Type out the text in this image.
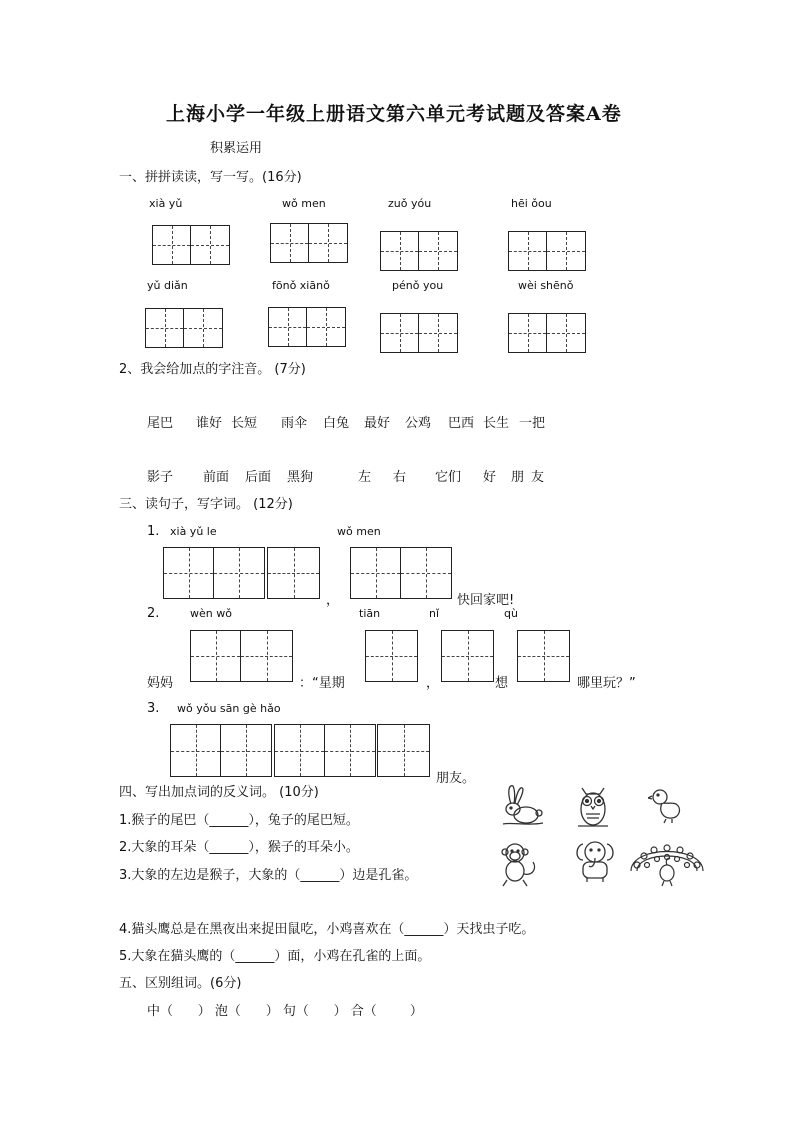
上海小学一年级上册语文第六单元考试题及答案A卷
积累运用
一、拼拼读读，写一写。(16分)
xià yǔ	wǒ men	zuǒ yóu	hēi ǒou
yǔ diǎn	fōnǒ xiānǒ	pénǒ you	wèi shēnǒ
2、我会给加点的字注音。 (7分)
尾巴 谁好 长短 雨伞 白兔 最好 公鸡 巴西 长生 一把
影子 前面 后面 黑狗	左 右 它们 好 朋 友
三、读句子，写字词。 (12分)
1. xià yǔ le	wǒ men
，	快回家吧!
2.	wèn wǒ	tiān	nǐ	qù
妈妈	：“星期	，	想	哪里玩？”
3. wǒ yǒu sān gè hǎo
朋友。
四、写出加点词的反义词。 (10分)
1.猴子的尾巴（______），兔子的尾巴短。
2.大象的耳朵（______），猴子的耳朵小。
3.大象的左边是猴子，大象的（______）边是孔雀。
4.猫头鹰总是在黑夜出来捉田鼠吃，小鸡喜欢在（______）天找虫子吃。
5.大象在猫头鹰的（______）面，小鸡在孔雀的上面。
五、区别组词。(6分)
中（      ） 泡（      ） 句（      ） 合（        ）
